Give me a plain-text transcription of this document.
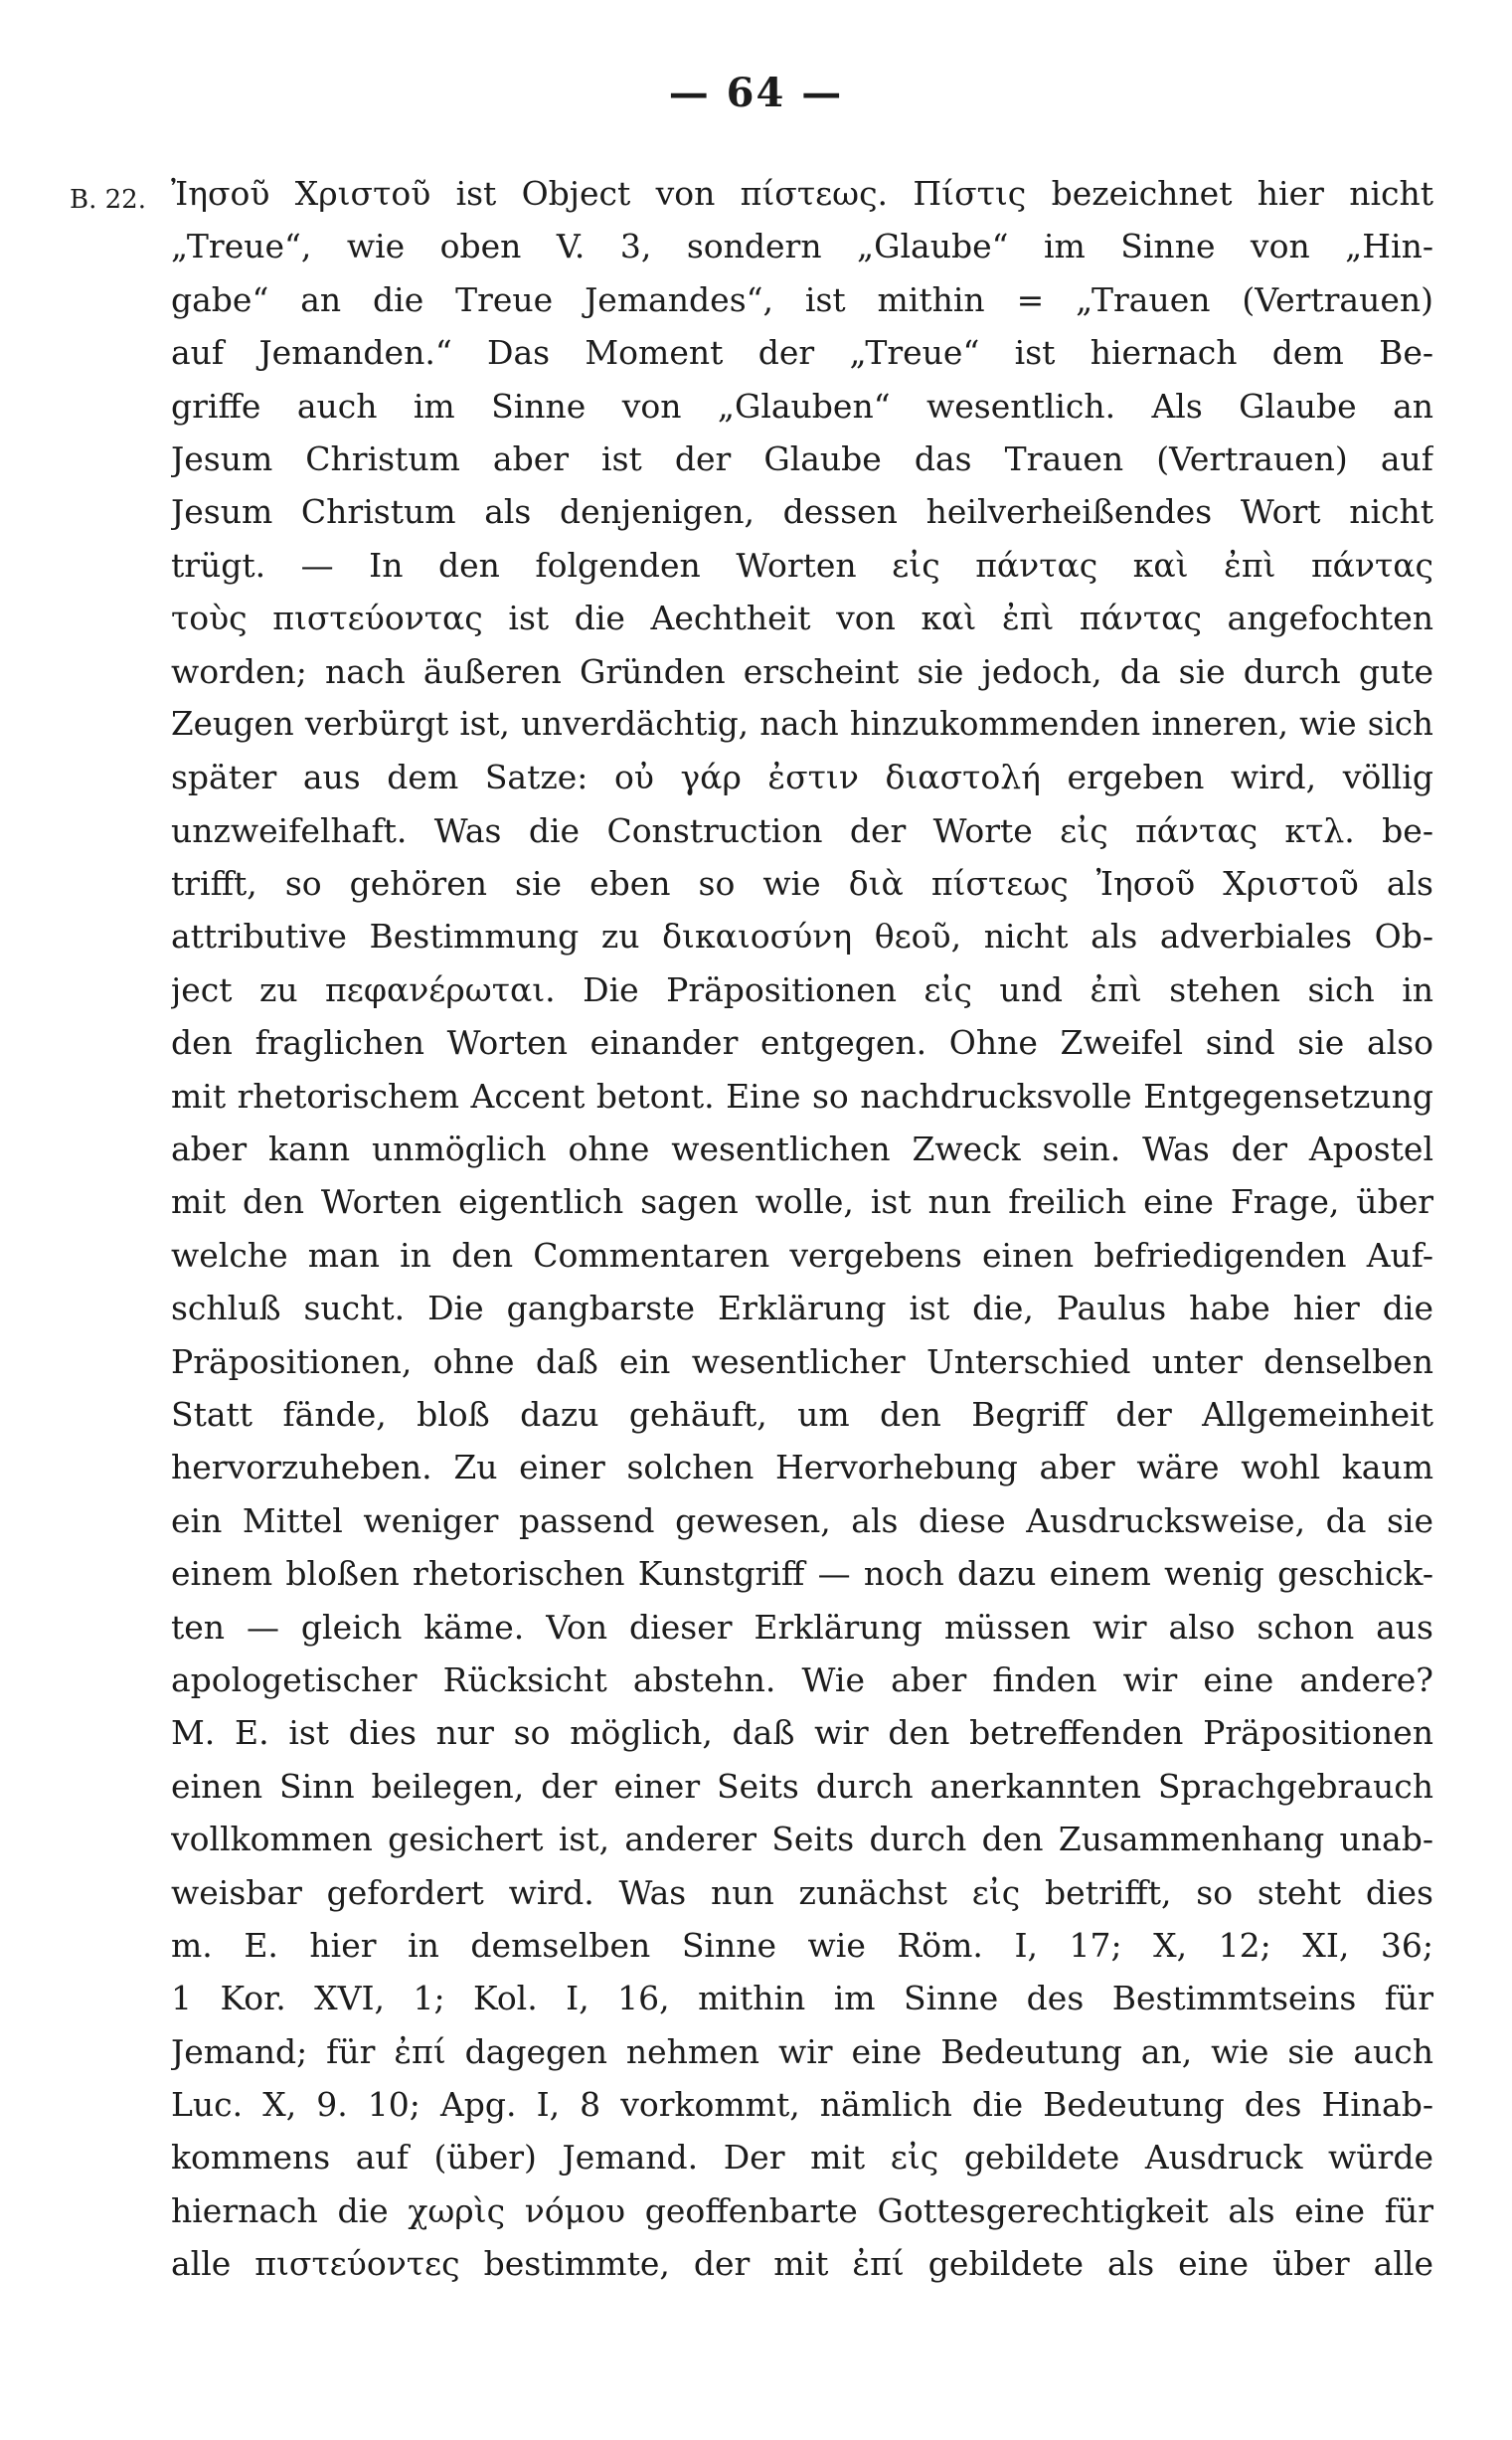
— 64 —
B. 22. Ἰησοῦ Χριστοῦ ist Object von πίστεως. Πίστις bezeichnet hier nicht
„Treue“, wie oben V. 3, sondern „Glaube“ im Sinne von „Hin-
gabe“ an die Treue Jemandes“, ist mithin = „Trauen (Vertrauen)
auf Jemanden.“ Das Moment der „Treue“ ist hiernach dem Be-
griffe auch im Sinne von „Glauben“ wesentlich. Als Glaube an
Jesum Christum aber ist der Glaube das Trauen (Vertrauen) auf
Jesum Christum als denjenigen, dessen heilverheißendes Wort nicht
trügt. — In den folgenden Worten εἰς πάντας καὶ ἐπὶ πάντας
τοὺς πιστεύοντας ist die Aechtheit von καὶ ἐπὶ πάντας angefochten
worden; nach äußeren Gründen erscheint sie jedoch, da sie durch gute
Zeugen verbürgt ist, unverdächtig, nach hinzukommenden inneren, wie sich
später aus dem Satze: οὐ γάρ ἐστιν διαστολή ergeben wird, völlig
unzweifelhaft. Was die Construction der Worte εἰς πάντας κτλ. be-
trifft, so gehören sie eben so wie διὰ πίστεως Ἰησοῦ Χριστοῦ als
attributive Bestimmung zu δικαιοσύνη θεοῦ, nicht als adverbiales Ob-
ject zu πεφανέρωται. Die Präpositionen εἰς und ἐπὶ stehen sich in
den fraglichen Worten einander entgegen. Ohne Zweifel sind sie also
mit rhetorischem Accent betont. Eine so nachdrucksvolle Entgegensetzung
aber kann unmöglich ohne wesentlichen Zweck sein. Was der Apostel
mit den Worten eigentlich sagen wolle, ist nun freilich eine Frage, über
welche man in den Commentaren vergebens einen befriedigenden Auf-
schluß sucht. Die gangbarste Erklärung ist die, Paulus habe hier die
Präpositionen, ohne daß ein wesentlicher Unterschied unter denselben
Statt fände, bloß dazu gehäuft, um den Begriff der Allgemeinheit
hervorzuheben. Zu einer solchen Hervorhebung aber wäre wohl kaum
ein Mittel weniger passend gewesen, als diese Ausdrucksweise, da sie
einem bloßen rhetorischen Kunstgriff — noch dazu einem wenig geschick-
ten — gleich käme. Von dieser Erklärung müssen wir also schon aus
apologetischer Rücksicht abstehn. Wie aber finden wir eine andere?
M. E. ist dies nur so möglich, daß wir den betreffenden Präpositionen
einen Sinn beilegen, der einer Seits durch anerkannten Sprachgebrauch
vollkommen gesichert ist, anderer Seits durch den Zusammenhang unab-
weisbar gefordert wird. Was nun zunächst εἰς betrifft, so steht dies
m. E. hier in demselben Sinne wie Röm. I, 17; X, 12; XI, 36;
1 Kor. XVI, 1; Kol. I, 16, mithin im Sinne des Bestimmtseins für
Jemand; für ἐπί dagegen nehmen wir eine Bedeutung an, wie sie auch
Luc. X, 9. 10; Apg. I, 8 vorkommt, nämlich die Bedeutung des Hinab-
kommens auf (über) Jemand. Der mit εἰς gebildete Ausdruck würde
hiernach die χωρὶς νόμου geoffenbarte Gottesgerechtigkeit als eine für
alle πιστεύοντες bestimmte, der mit ἐπί gebildete als eine über alle
